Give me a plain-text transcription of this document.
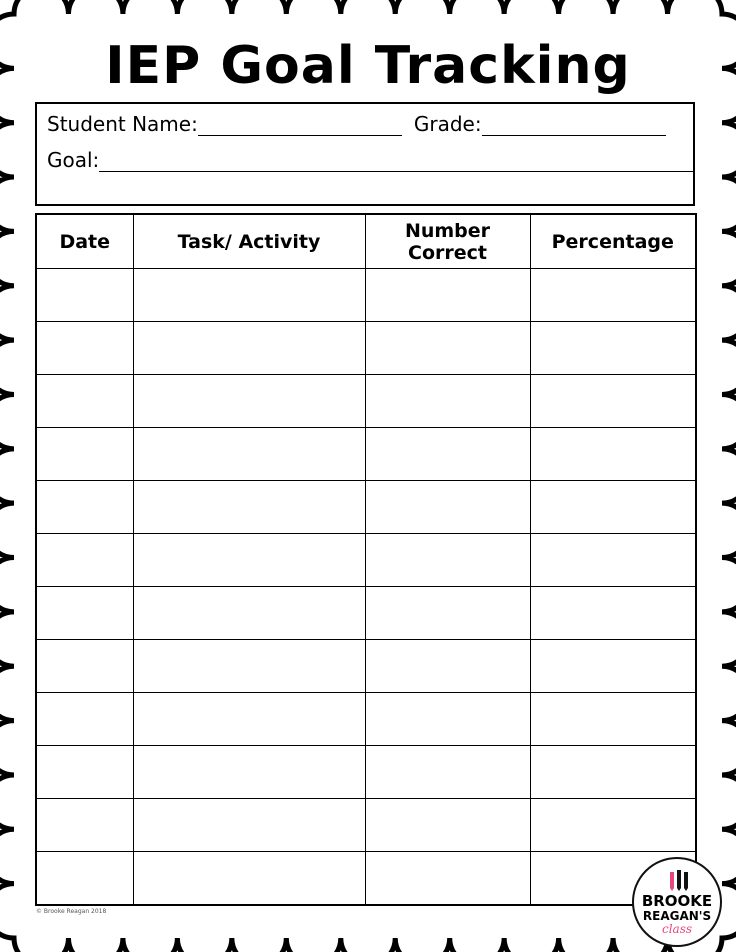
IEP Goal Tracking
Student Name:	Grade:
Goal:
Date	Task/ Activity	Number Correct	Percentage

© Brooke Reagan 2018
BROOKE
REAGAN'S
class
